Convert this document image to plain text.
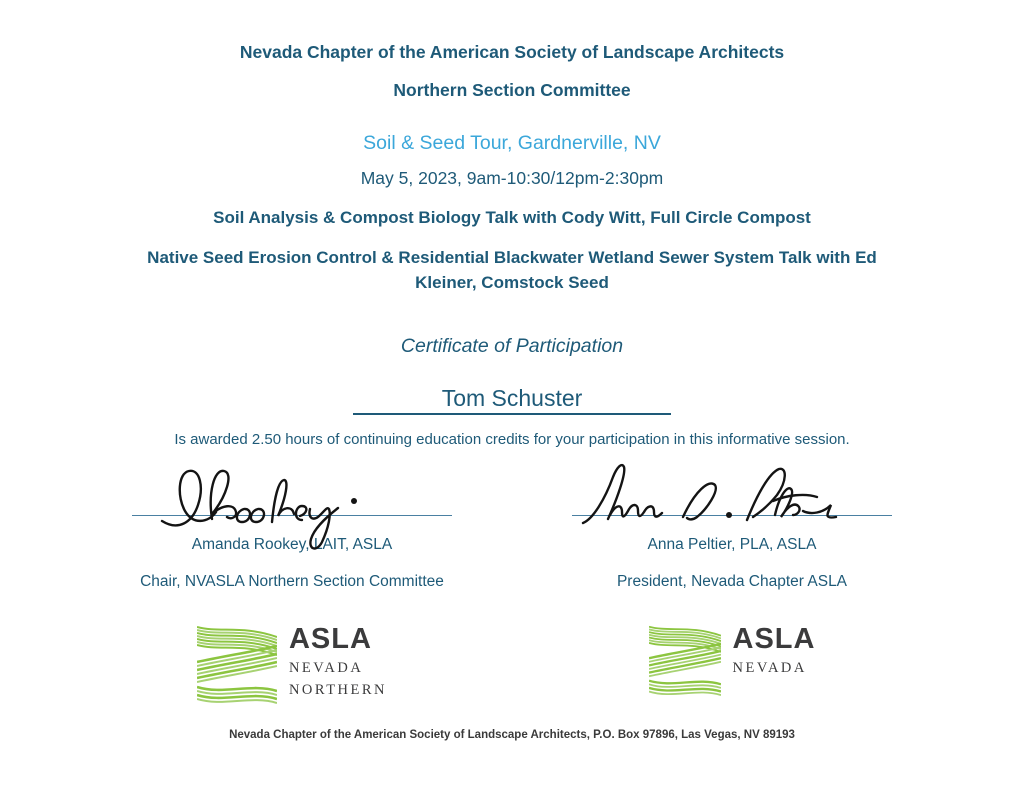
Nevada Chapter of the American Society of Landscape Architects
Northern Section Committee
Soil & Seed Tour, Gardnerville, NV
May 5, 2023, 9am-10:30/12pm-2:30pm
Soil Analysis & Compost Biology Talk with Cody Witt, Full Circle Compost
Native Seed Erosion Control & Residential Blackwater Wetland Sewer System Talk with Ed Kleiner, Comstock Seed
Certificate of Participation
Tom Schuster
Is awarded 2.50 hours of continuing education credits for your participation in this informative session.
Amanda Rookey, LAIT, ASLA
Chair, NVASLA Northern Section Committee
Anna Peltier, PLA, ASLA
President, Nevada Chapter ASLA
ASLA
NEVADA
NORTHERN
ASLA
NEVADA
Nevada Chapter of the American Society of Landscape Architects, P.O. Box 97896, Las Vegas, NV 89193
